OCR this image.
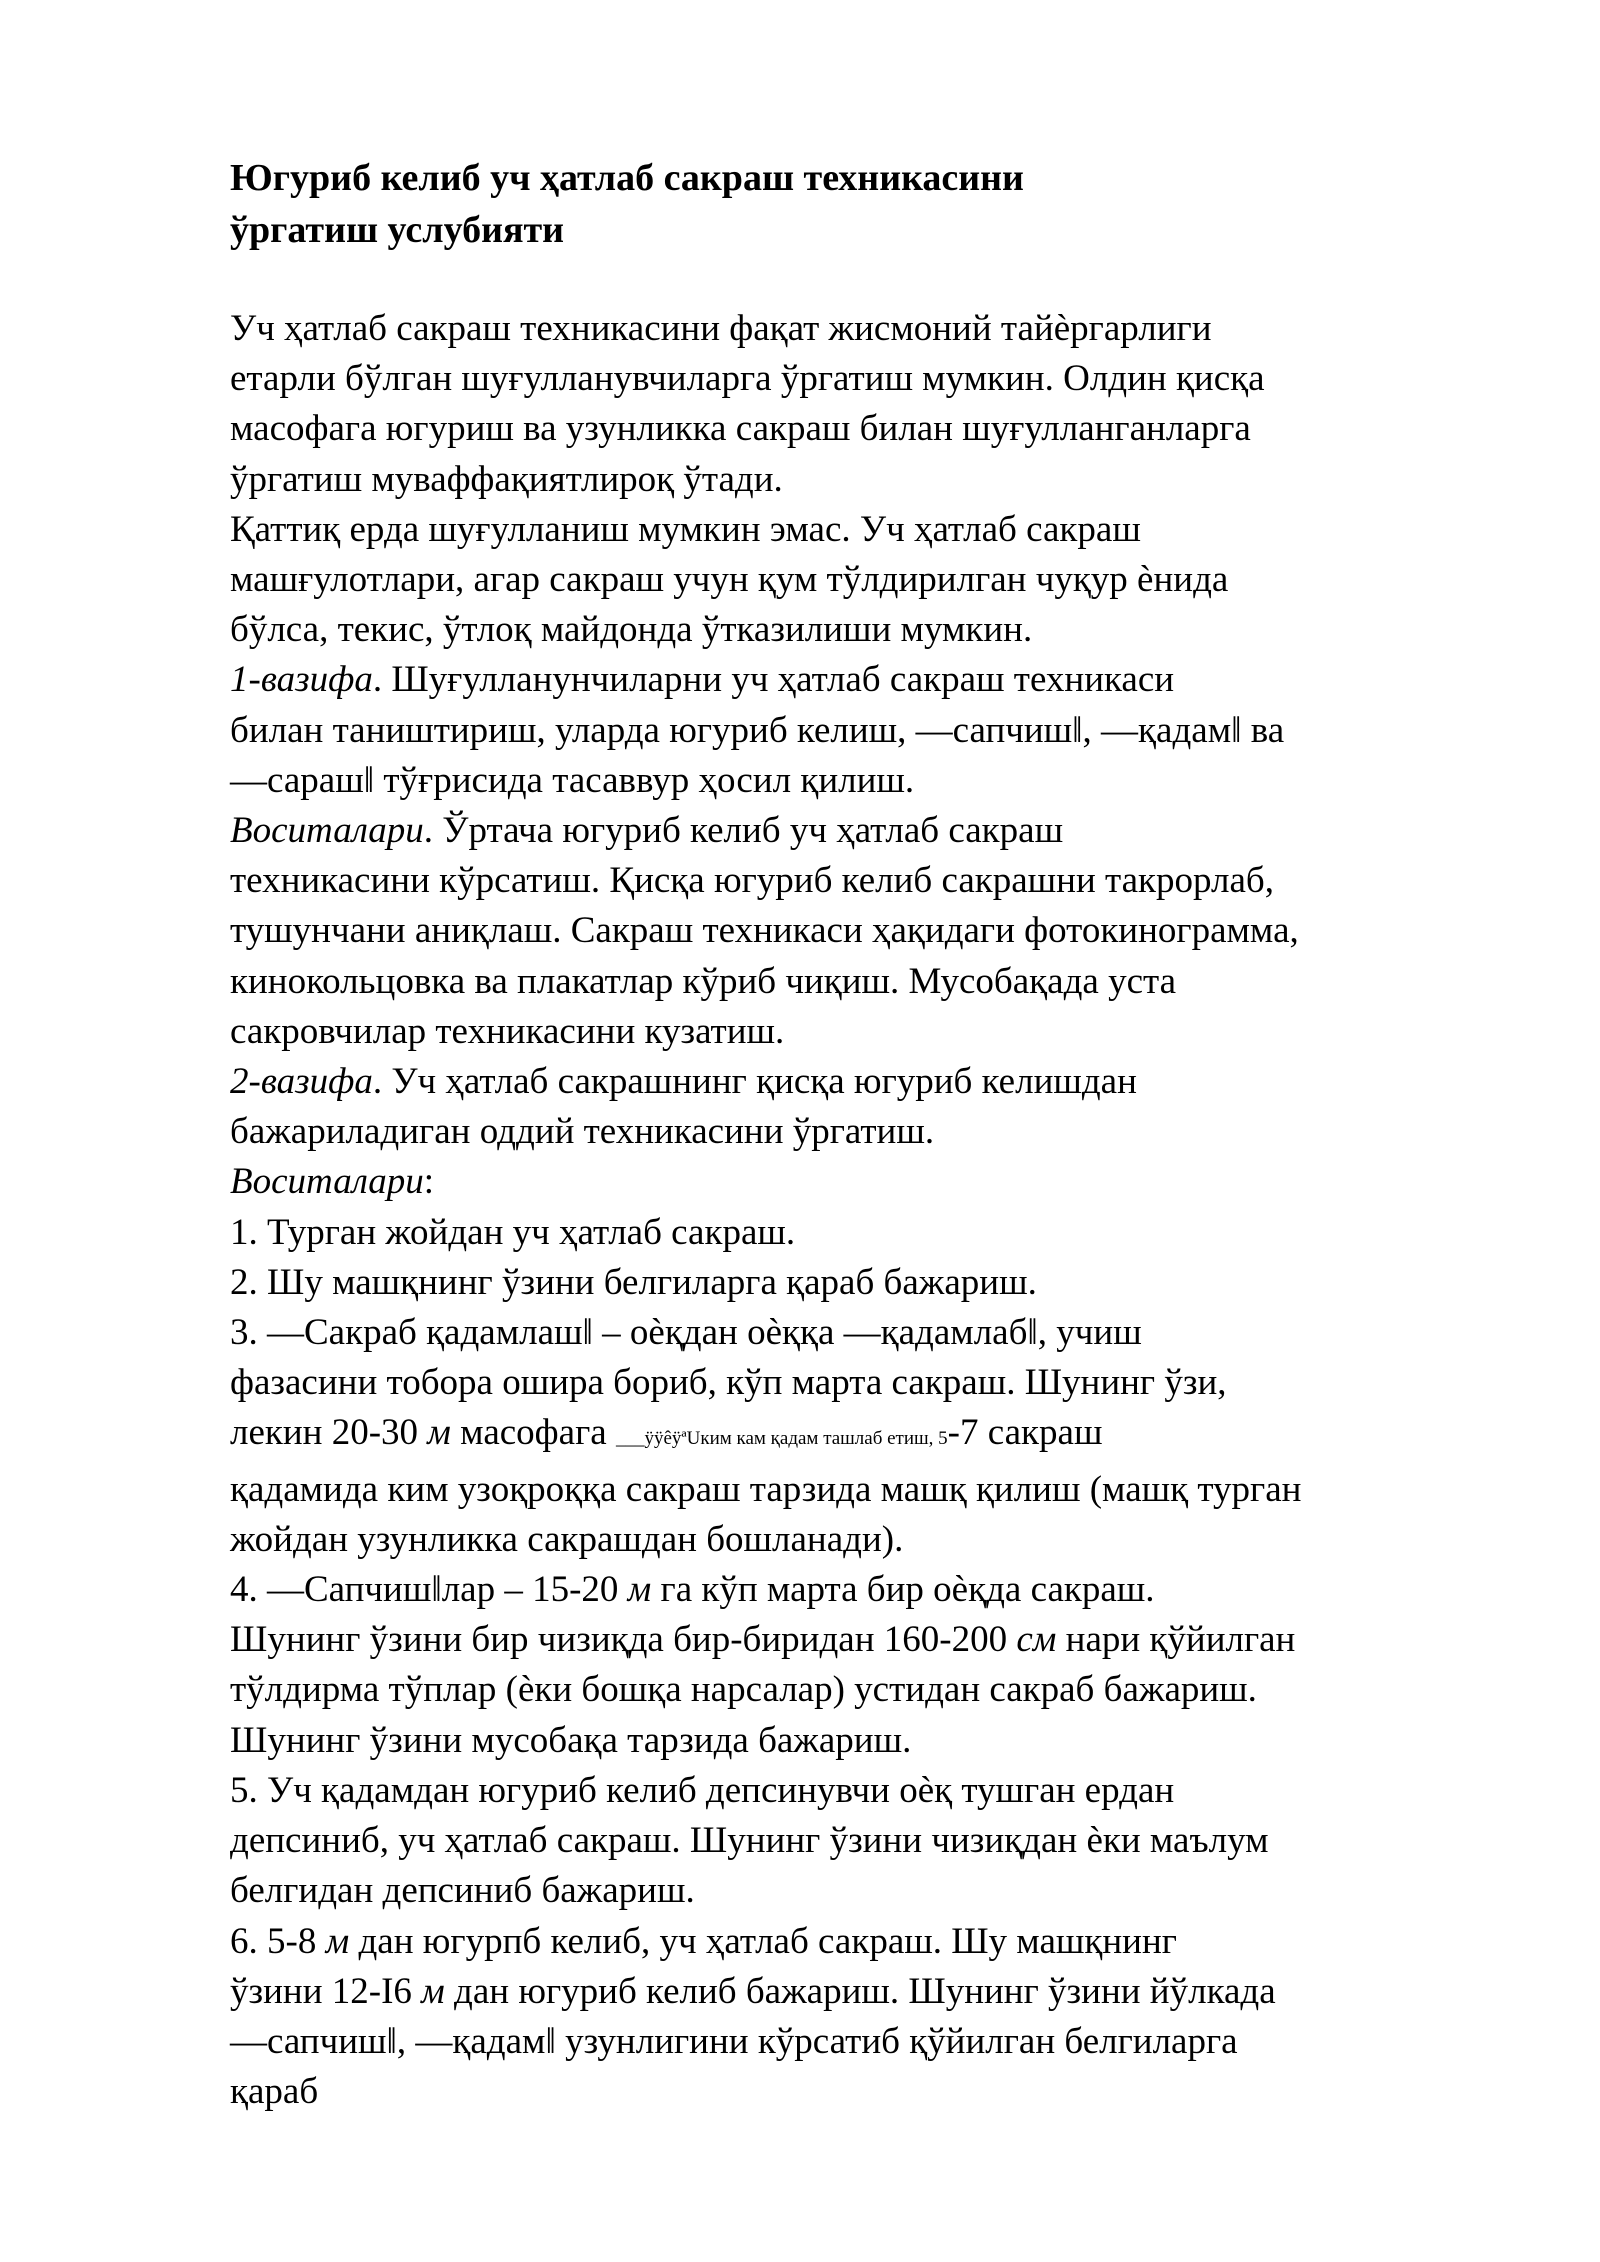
Югуриб келиб уч ҳатлаб сакраш техникасини
ўргатиш услубияти
Уч ҳатлаб сакраш техникасини фақат жисмоний тайѐргарлиги
етарли бўлган шуғулланувчиларга ўргатиш мумкин. Олдин қисқа
масофага югуриш ва узунликка сакраш билан шуғулланганларга
ўргатиш муваффақиятлироқ ўтади.
Қаттиқ ерда шуғулланиш мумкин эмас. Уч ҳатлаб сакраш
машғулотлари, агар сакраш учун қум тўлдирилган чуқур ѐнида
бўлса, текис, ўтлоқ майдонда ўтказилиши мумкин.
1-вазифа. Шуғуллaнунчиларни уч ҳатлаб сакраш техникаси
билан таништириш, уларда югуриб келиш, ―сапчиш‖, ―қадам‖ ва
―сараш‖ тўғрисида тасаввур ҳосил қилиш.
Воситалари. Ўртача югуриб келиб уч ҳатлаб сакраш
техникасини кўрсатиш. Қисқа югуриб келиб сакрашни такрорлаб,
тушунчани аниқлаш. Сакраш техникаси ҳақидаги фотокинограмма,
кинокольцовка ва плакатлар кўриб чиқиш. Мусобақада уста
сакровчилар техникасини кузатиш.
2-вазифа. Уч ҳатлаб сакрашнинг қисқа югуриб келишдан
бажариладиган оддий техникасини ўргатиш.
Воситалари:
1. Турган жойдан уч ҳатлаб сакраш.
2. Шу машқнинг ўзини белгиларга қараб бажариш.
3. ―Сакраб қадамлаш‖ – оѐқдан оѐққа ―қадамлаб‖, учиш
фазасини тобора ошира бориб, кўп марта сакраш. Шунинг ўзи,
лекин 20-30 м масофага ___ÿÿêÿªUким кам қадам ташлаб етиш, 5-7 сакраш
қадамида ким узоқроққа сакраш тарзида машқ қилиш (машқ турган
жойдан узунликка сакрашдан бошланади).
4. ―Сапчиш‖лар – 15-20 м га кўп марта бир оѐқда сакраш.
Шунинг ўзини бир чизиқда бир-биридан 160-200 см нари қўйилган
тўлдирма тўплар (ѐки бошқа нарсалар) устидан сакраб бажариш.
Шунинг ўзини мусобақа тарзида бажариш.
5. Уч қадамдан югуриб келиб депсинувчи оѐқ тушган ердан
депсиниб, уч ҳатлаб сакраш. Шунинг ўзини чизиқдан ѐки маълум
белгидан депсиниб бажариш.
6. 5-8 м дан югурпб келиб, уч ҳатлаб сакраш. Шу машқнинг
ўзини 12-I6 м дан югуриб келиб бажариш. Шунинг ўзини йўлкада
―сапчиш‖, ―қадам‖ узунлигини кўрсатиб қўйилган белгиларга
қараб
